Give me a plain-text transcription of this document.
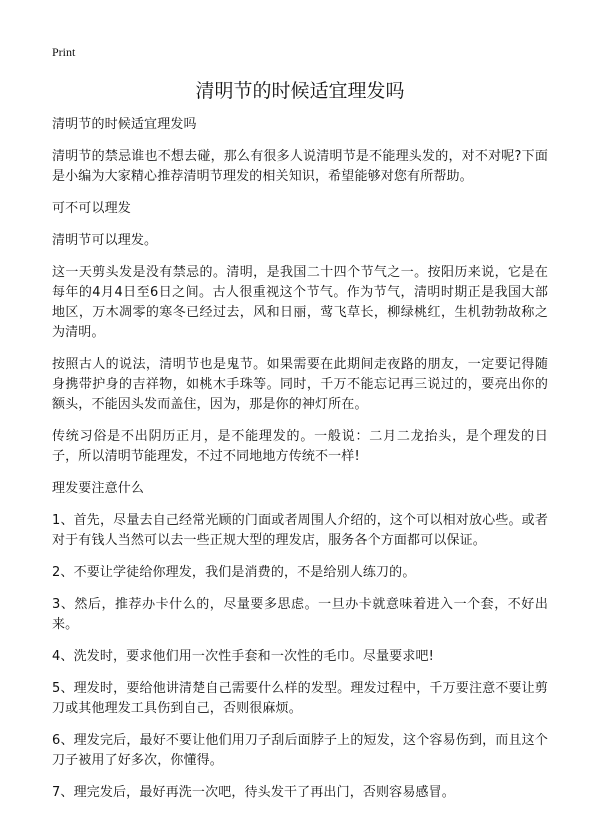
Print
清明节的时候适宜理发吗

清明节的时候适宜理发吗

清明节的禁忌谁也不想去碰，那么有很多人说清明节是不能理头发的，对不对呢?下面是小编为大家精心推荐清明节理发的相关知识，希望能够对您有所帮助。

可不可以理发

清明节可以理发。

这一天剪头发是没有禁忌的。清明，是我国二十四个节气之一。按阳历来说，它是在每年的4月4日至6日之间。古人很重视这个节气。作为节气，清明时期正是我国大部地区，万木凋零的寒冬已经过去，风和日丽，莺飞草长，柳绿桃红，生机勃勃故称之为清明。

按照古人的说法，清明节也是鬼节。如果需要在此期间走夜路的朋友，一定要记得随身携带护身的吉祥物，如桃木手珠等。同时，千万不能忘记再三说过的，要亮出你的额头，不能因头发而盖住，因为，那是你的神灯所在。

传统习俗是不出阴历正月，是不能理发的。一般说：二月二龙抬头，是个理发的日子，所以清明节能理发，不过不同地地方传统不一样!

理发要注意什么

1、首先，尽量去自己经常光顾的门面或者周围人介绍的，这个可以相对放心些。或者对于有钱人当然可以去一些正规大型的理发店，服务各个方面都可以保证。

2、不要让学徒给你理发，我们是消费的，不是给别人练刀的。

3、然后，推荐办卡什么的，尽量要多思虑。一旦办卡就意味着进入一个套，不好出来。

4、洗发时，要求他们用一次性手套和一次性的毛巾。尽量要求吧!

5、理发时，要给他讲清楚自己需要什么样的发型。理发过程中，千万要注意不要让剪刀或其他理发工具伤到自己，否则很麻烦。

6、理发完后，最好不要让他们用刀子刮后面脖子上的短发，这个容易伤到，而且这个刀子被用了好多次，你懂得。

7、理完发后，最好再洗一次吧，待头发干了再出门，否则容易感冒。
